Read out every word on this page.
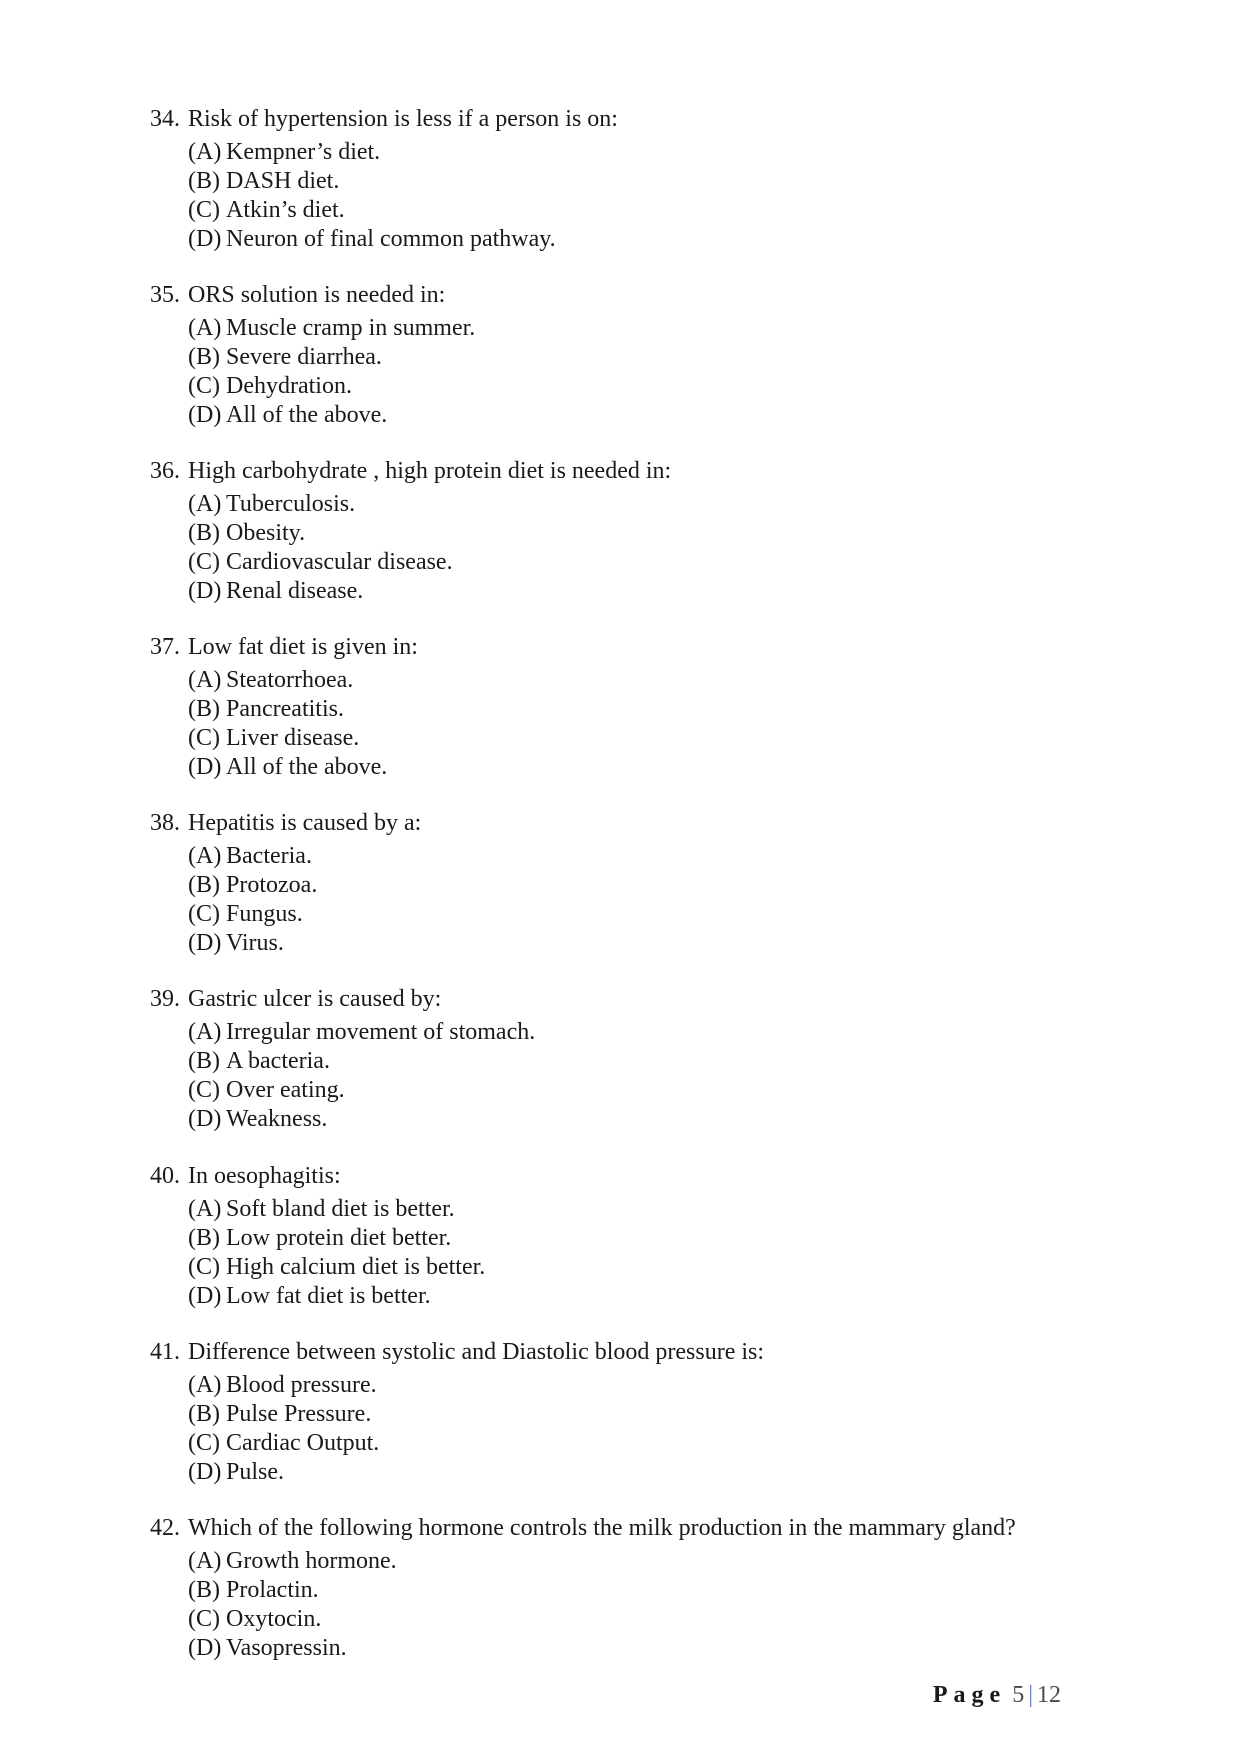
34. Risk of hypertension is less if a person is on:
(A) Kempner’s diet.
(B) DASH diet.
(C) Atkin’s diet.
(D) Neuron of final common pathway.
35. ORS solution is needed in:
(A) Muscle cramp in summer.
(B) Severe diarrhea.
(C) Dehydration.
(D) All of the above.
36. High carbohydrate , high protein diet is needed in:
(A) Tuberculosis.
(B) Obesity.
(C) Cardiovascular disease.
(D) Renal disease.
37. Low fat diet is given in:
(A) Steatorrhoea.
(B) Pancreatitis.
(C) Liver disease.
(D) All of the above.
38. Hepatitis is caused by a:
(A) Bacteria.
(B) Protozoa.
(C) Fungus.
(D) Virus.
39. Gastric ulcer is caused by:
(A) Irregular movement of stomach.
(B) A bacteria.
(C) Over eating.
(D) Weakness.
40. In oesophagitis:
(A) Soft bland diet is better.
(B) Low protein diet better.
(C) High calcium diet is better.
(D) Low fat diet is better.
41. Difference between systolic and Diastolic blood pressure is:
(A) Blood pressure.
(B) Pulse Pressure.
(C) Cardiac Output.
(D) Pulse.
42. Which of the following hormone controls the milk production in the mammary gland?
(A) Growth hormone.
(B) Prolactin.
(C) Oxytocin.
(D) Vasopressin.
Page 5 | 12
